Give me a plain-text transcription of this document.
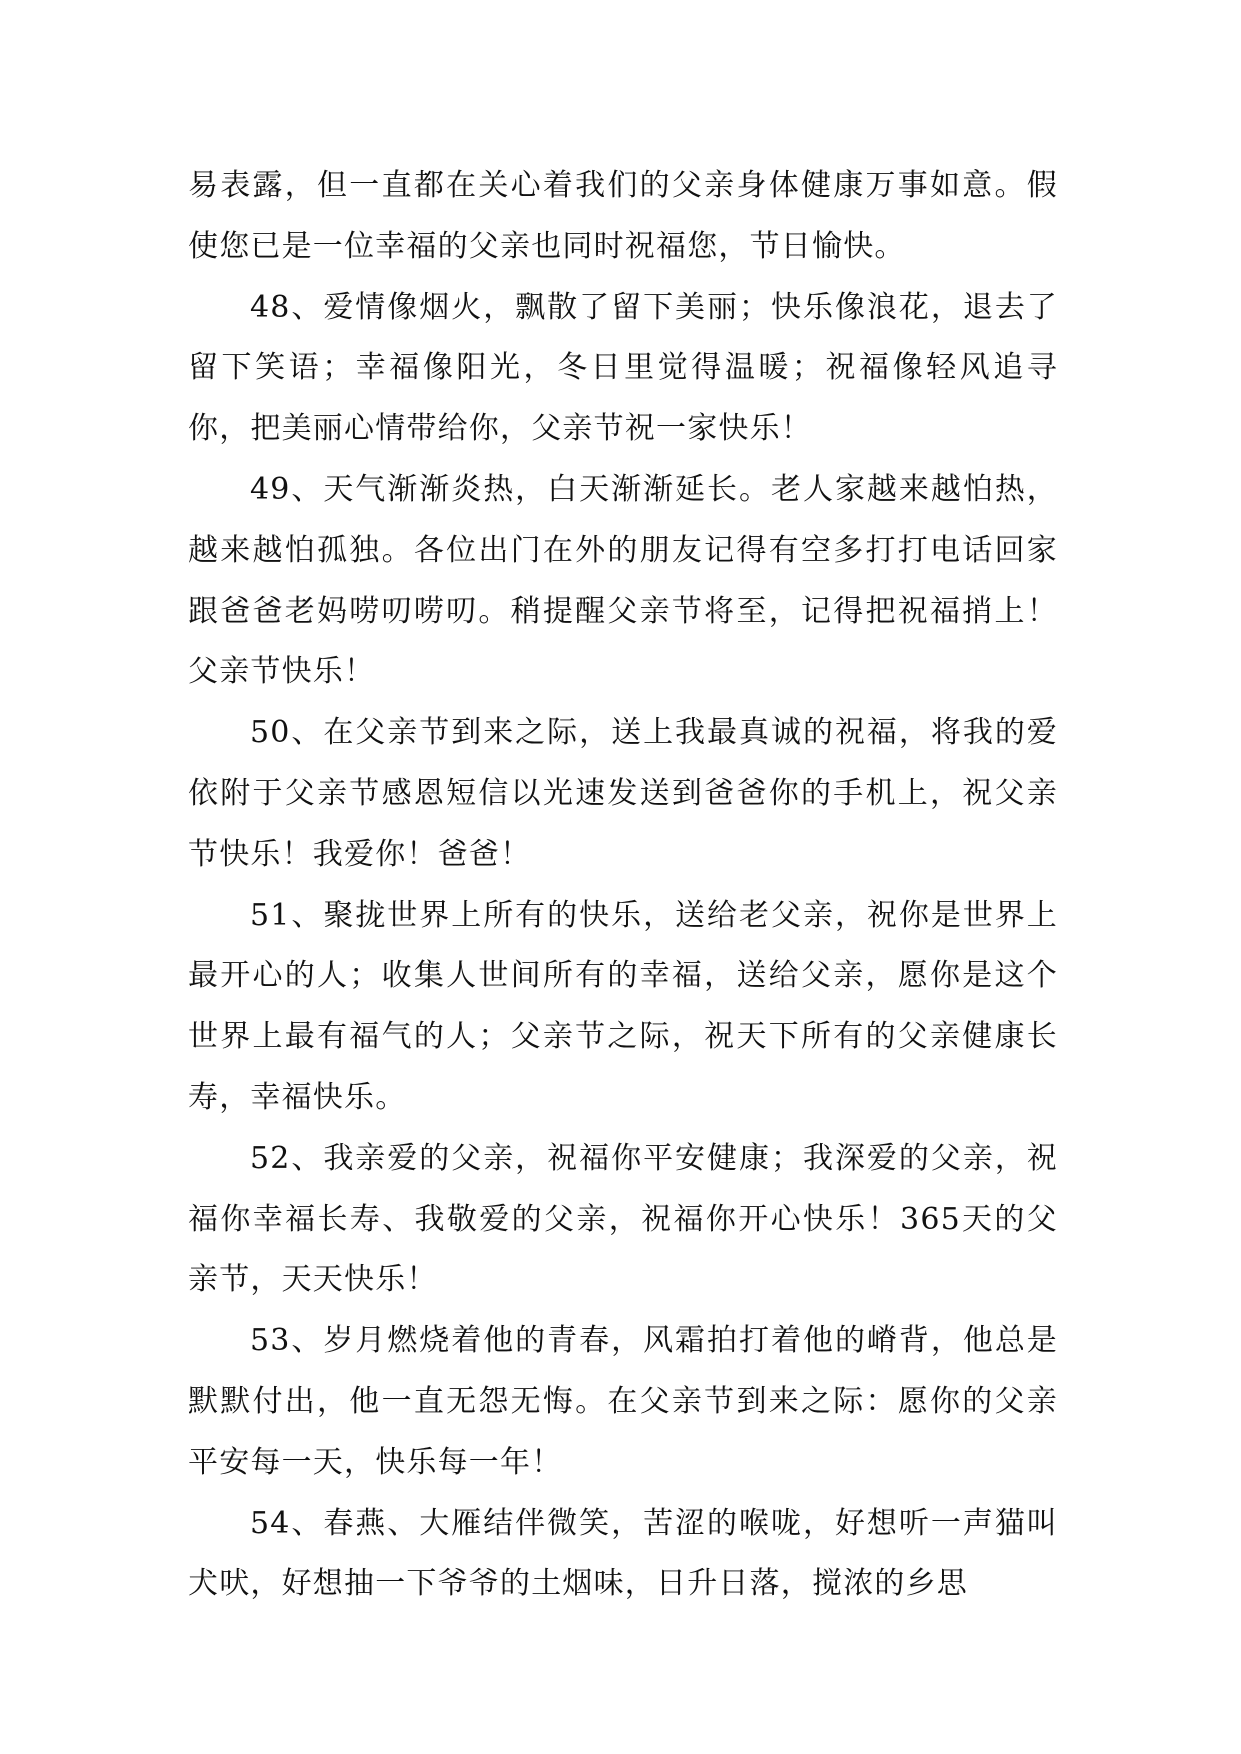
易表露，但一直都在关心着我们的父亲身体健康万事如意。假使您已是一位幸福的父亲也同时祝福您，节日愉快。

48、爱情像烟火，飘散了留下美丽；快乐像浪花，退去了留下笑语；幸福像阳光，冬日里觉得温暖；祝福像轻风追寻你，把美丽心情带给你，父亲节祝一家快乐！

49、天气渐渐炎热，白天渐渐延长。老人家越来越怕热，越来越怕孤独。各位出门在外的朋友记得有空多打打电话回家跟爸爸老妈唠叨唠叨。稍提醒父亲节将至，记得把祝福捎上！父亲节快乐！

50、在父亲节到来之际，送上我最真诚的祝福，将我的爱依附于父亲节感恩短信以光速发送到爸爸你的手机上，祝父亲节快乐！我爱你！爸爸！

51、聚拢世界上所有的快乐，送给老父亲，祝你是世界上最开心的人；收集人世间所有的幸福，送给父亲，愿你是这个世界上最有福气的人；父亲节之际，祝天下所有的父亲健康长寿，幸福快乐。

52、我亲爱的父亲，祝福你平安健康；我深爱的父亲，祝福你幸福长寿、我敬爱的父亲，祝福你开心快乐！365天的父亲节，天天快乐！

53、岁月燃烧着他的青春，风霜拍打着他的嵴背，他总是默默付出，他一直无怨无悔。在父亲节到来之际：愿你的父亲平安每一天，快乐每一年！

54、春燕、大雁结伴微笑，苦涩的喉咙，好想听一声猫叫犬吠，好想抽一下爷爷的土烟味，日升日落，搅浓的乡思
